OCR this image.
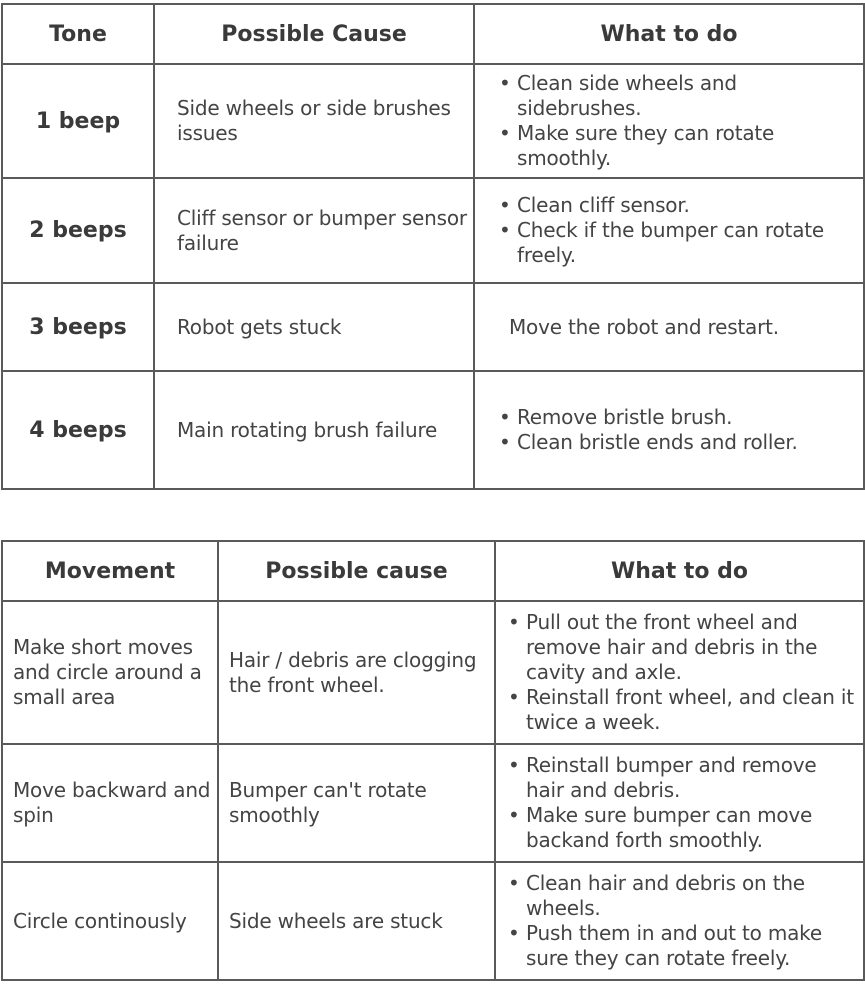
Tone	Possible Cause	What to do
1 beep	Side wheels or side brushes issues	
• Clean side wheels and sidebrushes.
• Make sure they can rotate smoothly.

2 beeps	Cliff sensor or bumper sensor failure	
• Clean cliff sensor.
• Check if the bumper can rotate freely.

3 beeps	Robot gets stuck	Move the robot and restart.
4 beeps	Main rotating brush failure	
• Remove bristle brush.
• Clean bristle ends and roller.
Movement	Possible cause	What to do
Make short moves and circle around a small area	Hair / debris are clogging the front wheel.	
• Pull out the front wheel and remove hair and debris in the cavity and axle.
• Reinstall front wheel, and clean it twice a week.

Move backward and spin	Bumper can't rotate smoothly	
• Reinstall bumper and remove hair and debris.
• Make sure bumper can move backand forth smoothly.

Circle continously	Side wheels are stuck	
• Clean hair and debris on the wheels.
• Push them in and out to make sure they can rotate freely.
